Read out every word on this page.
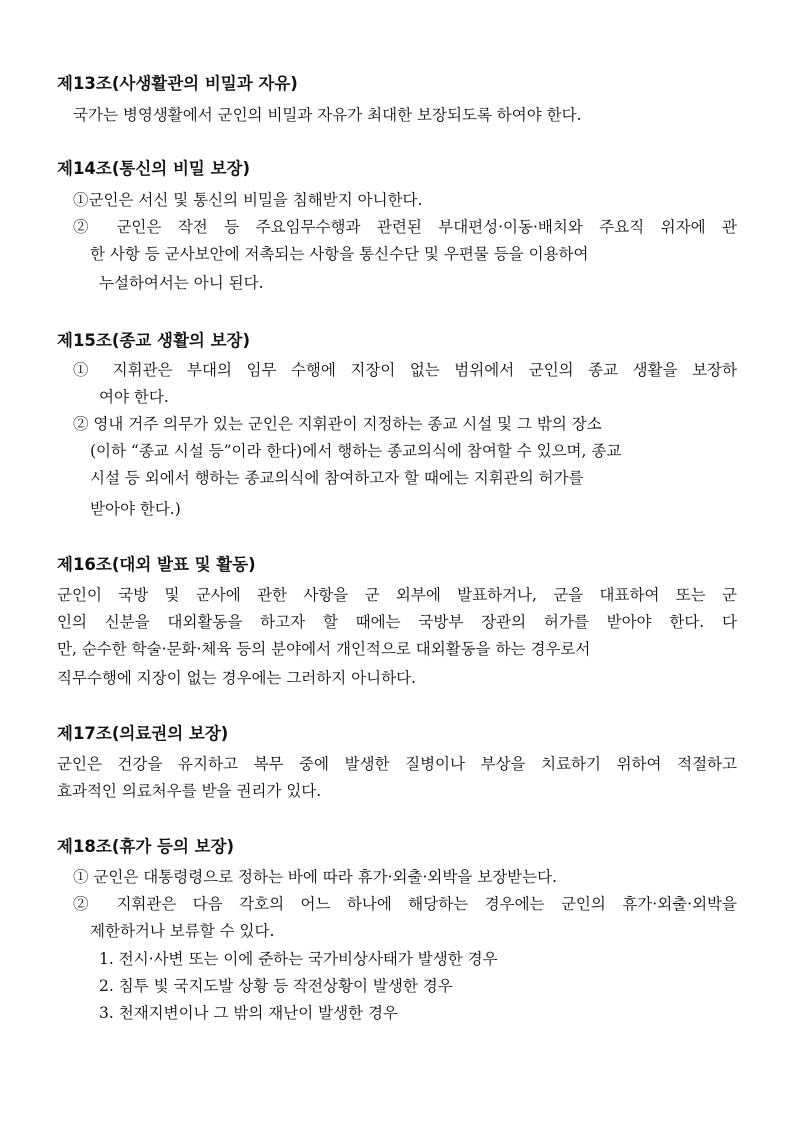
제13조(사생활관의 비밀과 자유)
국가는 병영생활에서 군인의 비밀과 자유가 최대한 보장되도록 하여야 한다.
제14조(통신의 비밀 보장)
①군인은 서신 및 통신의 비밀을 침해받지 아니한다.
② 군인은 작전 등 주요임무수행과 관련된 부대편성·이동·배치와 주요직 위자에 관
한 사항 등 군사보안에 저촉되는 사항을 통신수단 및 우편물 등을 이용하여
누설하여서는 아니 된다.
제15조(종교 생활의 보장)
① 지휘관은 부대의 임무 수행에 지장이 없는 범위에서 군인의 종교 생활을 보장하
여야 한다.
② 영내 거주 의무가 있는 군인은 지휘관이 지정하는 종교 시설 및 그 밖의 장소
(이하 “종교 시설 등”이라 한다)에서 행하는 종교의식에 참여할 수 있으며, 종교
시설 등 외에서 행하는 종교의식에 참여하고자 할 때에는 지휘관의 허가를
받아야 한다.)
제16조(대외 발표 및 활동)
군인이 국방 및 군사에 관한 사항을 군 외부에 발표하거나, 군을 대표하여 또는 군
인의 신분을 대외활동을 하고자 할 때에는 국방부 장관의 허가를 받아야 한다. 다
만, 순수한 학술·문화·체육 등의 분야에서 개인적으로 대외활동을 하는 경우로서
직무수행에 지장이 없는 경우에는 그러하지 아니하다.
제17조(의료권의 보장)
군인은 건강을 유지하고 복무 중에 발생한 질병이나 부상을 치료하기 위하여 적절하고
효과적인 의료처우를 받을 권리가 있다.
제18조(휴가 등의 보장)
① 군인은 대통령령으로 정하는 바에 따라 휴가·외출·외박을 보장받는다.
② 지휘관은 다음 각호의 어느 하나에 해당하는 경우에는 군인의 휴가·외출·외박을
제한하거나 보류할 수 있다.
1. 전시·사변 또는 이에 준하는 국가비상사태가 발생한 경우
2. 침투 빛 국지도발 상황 등 작전상황이 발생한 경우
3. 천재지변이나 그 밖의 재난이 발생한 경우
